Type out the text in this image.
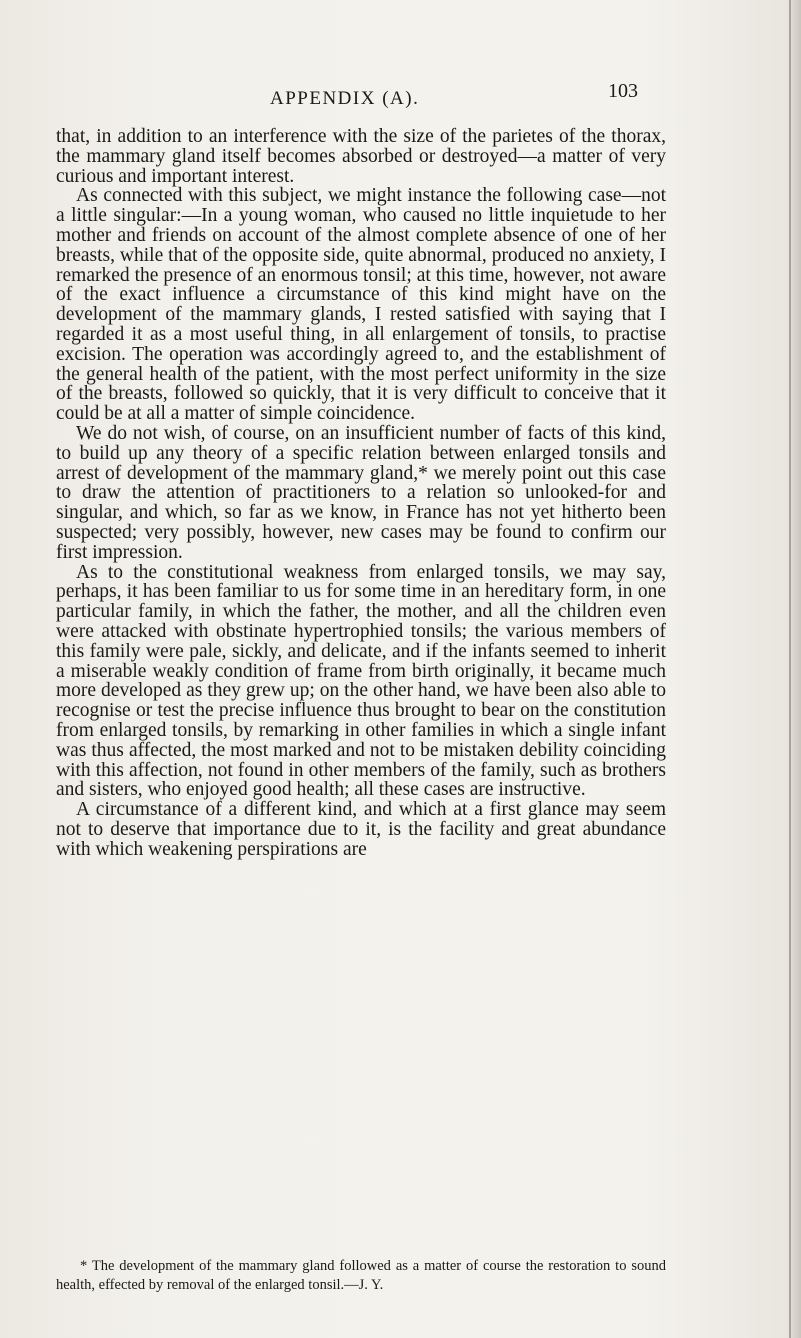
APPENDIX (A).	103

that, in addition to an interference with the size of the parietes of the thorax, the mammary gland itself becomes absorbed or destroyed—a matter of very curious and important interest.

As connected with this subject, we might instance the following case—not a little singular:—In a young woman, who caused no little inquietude to her mother and friends on account of the almost complete absence of one of her breasts, while that of the opposite side, quite abnormal, produced no anxiety, I remarked the presence of an enormous tonsil; at this time, however, not aware of the exact influence a circumstance of this kind might have on the development of the mammary glands, I rested satisfied with saying that I regarded it as a most useful thing, in all enlargement of tonsils, to practise excision. The operation was accordingly agreed to, and the establishment of the general health of the patient, with the most perfect uniformity in the size of the breasts, followed so quickly, that it is very difficult to conceive that it could be at all a matter of simple coincidence.

We do not wish, of course, on an insufficient number of facts of this kind, to build up any theory of a specific relation between enlarged tonsils and arrest of development of the mammary gland,* we merely point out this case to draw the attention of practitioners to a relation so unlooked-for and singular, and which, so far as we know, in France has not yet hitherto been suspected; very possibly, however, new cases may be found to confirm our first impression.

As to the constitutional weakness from enlarged tonsils, we may say, perhaps, it has been familiar to us for some time in an hereditary form, in one particular family, in which the father, the mother, and all the children even were attacked with obstinate hypertrophied tonsils; the various members of this family were pale, sickly, and delicate, and if the infants seemed to inherit a miserable weakly condition of frame from birth originally, it became much more developed as they grew up; on the other hand, we have been also able to recognise or test the precise influence thus brought to bear on the constitution from enlarged tonsils, by remarking in other families in which a single infant was thus affected, the most marked and not to be mistaken debility coinciding with this affection, not found in other members of the family, such as brothers and sisters, who enjoyed good health; all these cases are instructive.

A circumstance of a different kind, and which at a first glance may seem not to deserve that importance due to it, is the facility and great abundance with which weakening perspirations are

* The development of the mammary gland followed as a matter of course the restoration to sound health, effected by removal of the enlarged tonsil.—J. Y.
